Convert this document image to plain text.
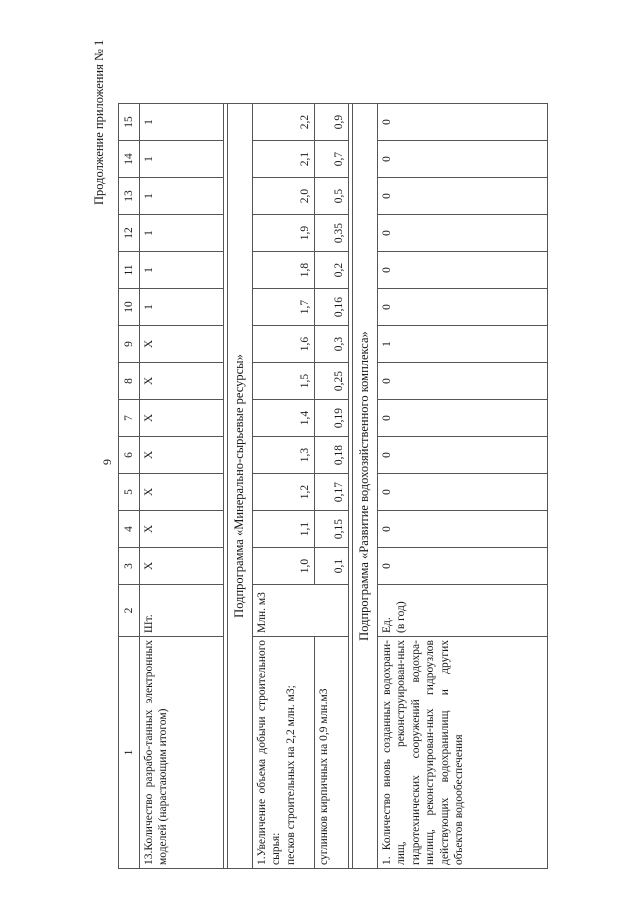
9
Продолжение приложения № 1
1	2	3	4	5	6	7	8	9	10	11	12	13	14	15
13.Количество разрабо-танных электронных моделей (нарастающим итогом)	Шт.	Х	Х	Х	Х	Х	Х	Х	1	1	1	1	1	1

Подпрограмма «Минерально-сырьевые ресурсы»														

1.Увеличение объема добычи строительного сырья: песков строительных на 2,2 млн. м3;	Млн. м3	1,0	1,1	1,2	1,3	1,4	1,5	1,6	1,7	1,8	1,9	2,0	2,1	2,2
суглинков кирпичных на 0,9 млн.м3		0,1	0,15	0,17	0,18	0,19	0,25	0,3	0,16	0,2	0,35	0,5	0,7	0,9

Подпрограмма «Развитие водохозяйственного комплекса»														
1. Количество вновь созданных водохрани-лищ, реконструирован-ных гидротехнических сооружений водохра-нилищ, реконструирован-ных гидроузлов действующих водохранилищ и других объектов водообеспечения	Ед. (в год)	0	0	0	0	0	0	1	0	0	0	0	0	0
